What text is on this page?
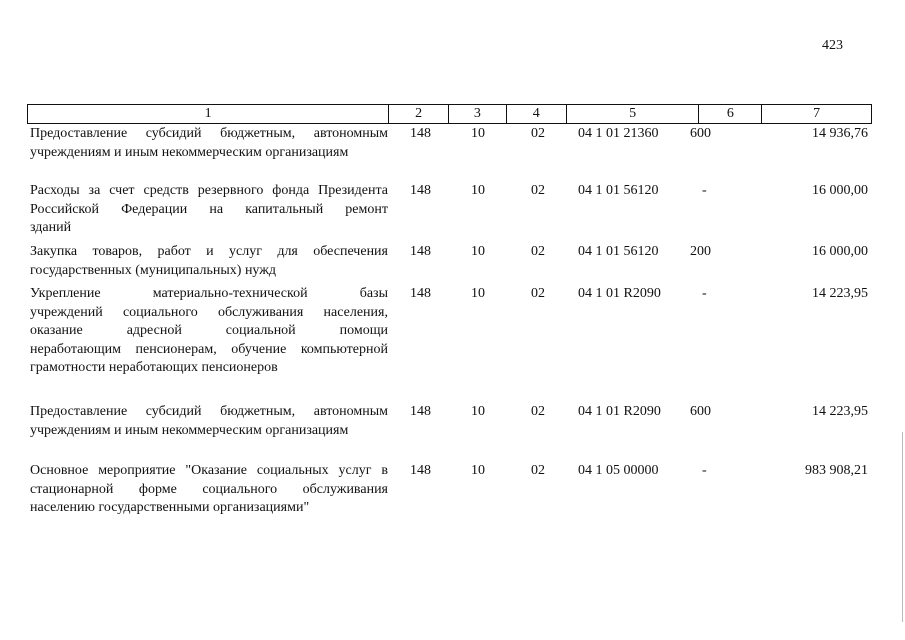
423
1	2	3	4	5	6	7
Предоставление субсидий бюджетным, автономным
учреждениям и иным некоммерческим организациям
148	10	02	04 1 01 21360	600	14 936,76
Расходы за счет средств резервного фонда Президента
Российской Федерации на капитальный ремонт
зданий
148	10	02	04 1 01 56120	-	16 000,00
Закупка товаров, работ и услуг для обеспечения
государственных (муниципальных) нужд
148	10	02	04 1 01 56120	200	16 000,00
Укрепление материально-технической базы
учреждений социального обслуживания населения,
оказание адресной социальной помощи
неработающим пенсионерам, обучение компьютерной
грамотности неработающих пенсионеров
148	10	02	04 1 01 R2090	-	14 223,95
Предоставление субсидий бюджетным, автономным
учреждениям и иным некоммерческим организациям
148	10	02	04 1 01 R2090	600	14 223,95
Основное мероприятие "Оказание социальных услуг в
стационарной форме социального обслуживания
населению государственными организациями"
148	10	02	04 1 05 00000	-	983 908,21
